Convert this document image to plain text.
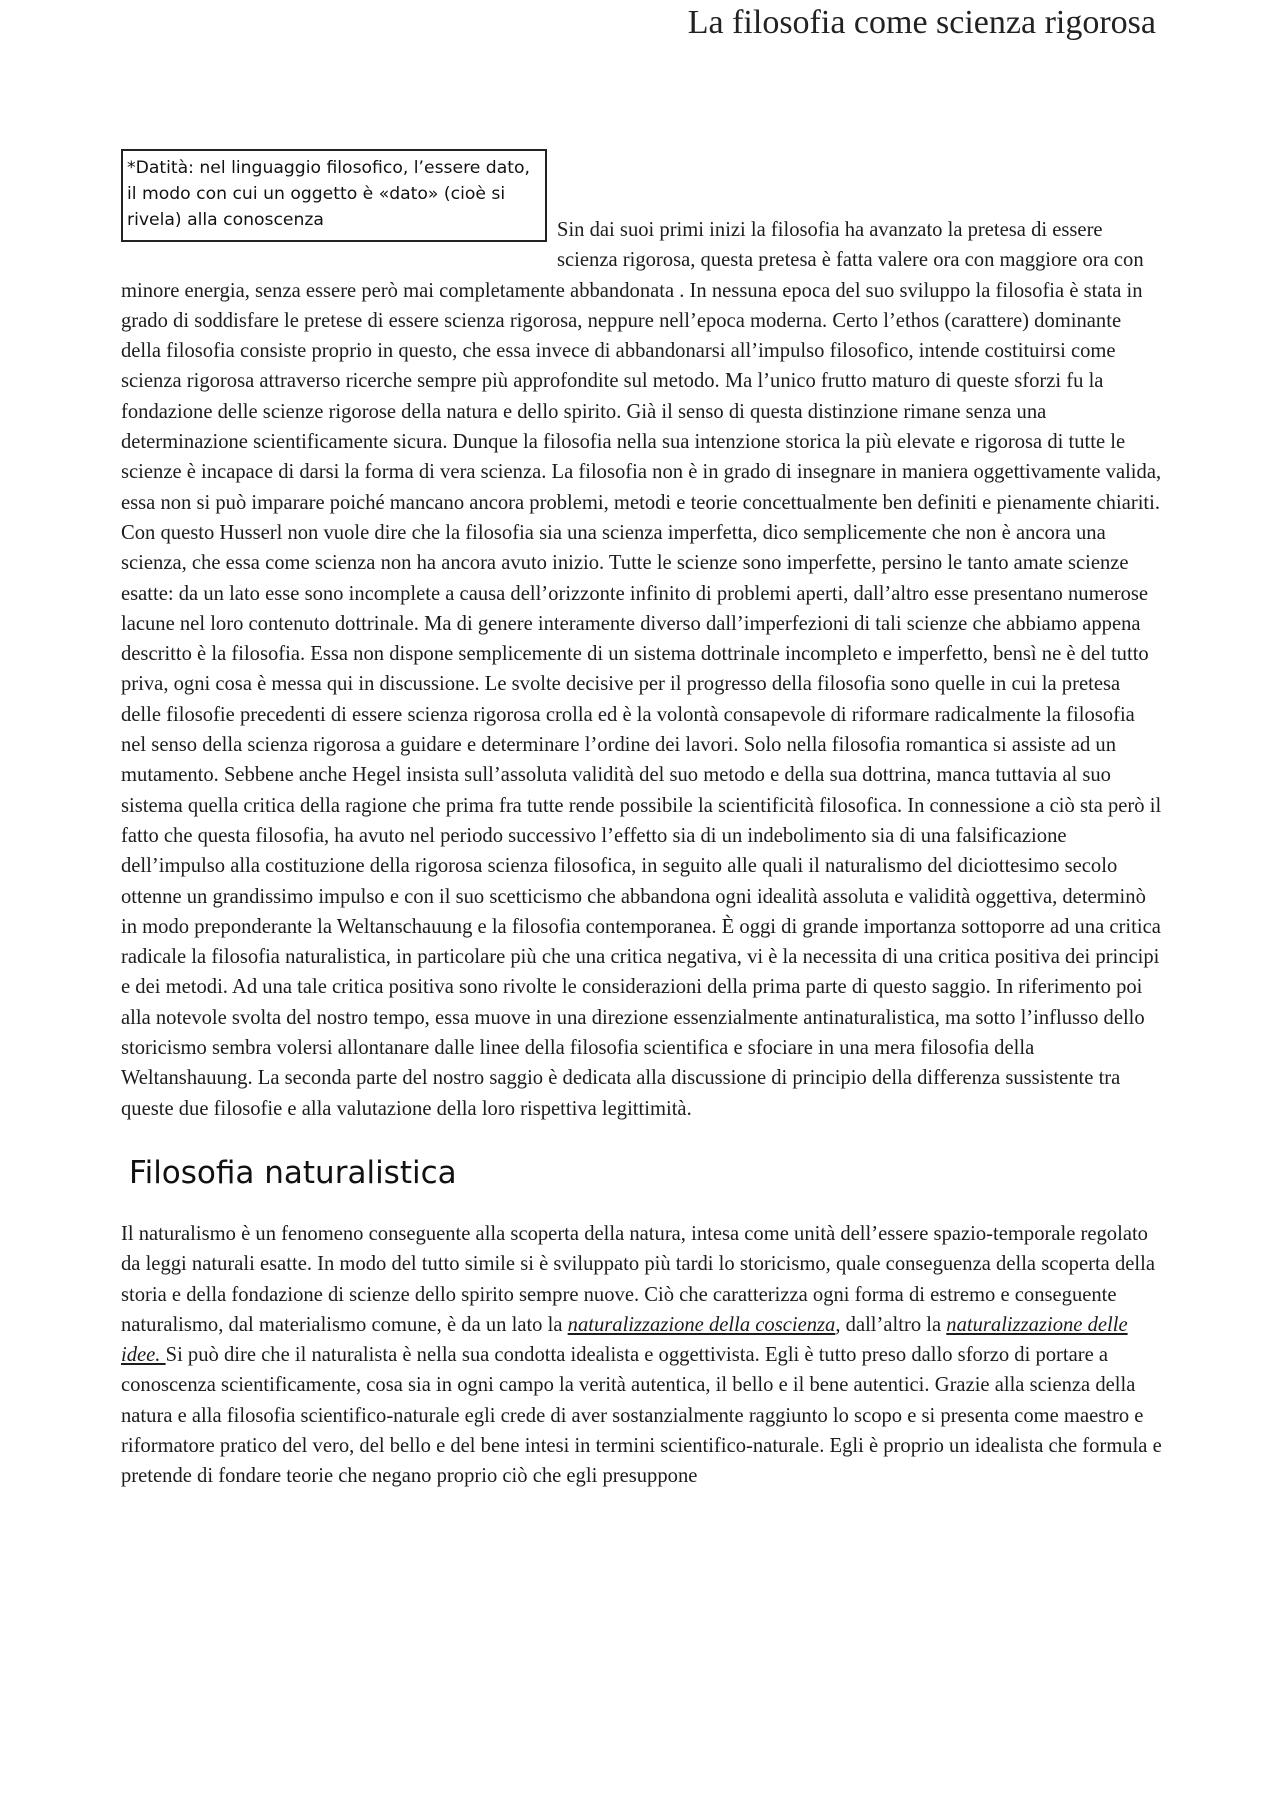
La filosofia come scienza rigorosa
*Datità: nel linguaggio filosofico, l’essere dato, il modo con cui un oggetto è «dato» (cioè si rivela) alla conoscenza	Sin dai suoi primi inizi la filosofia ha avanzato la pretesa di essere scienza rigorosa, questa pretesa è fatta valere ora con maggiore ora con minore energia, senza essere però mai completamente abbandonata . In nessuna epoca del suo sviluppo la filosofia è stata in grado di soddisfare le pretese di essere scienza rigorosa, neppure nell’epoca moderna. Certo l’ethos (carattere) dominante della filosofia consiste proprio in questo, che essa invece di abbandonarsi all’impulso filosofico, intende costituirsi come scienza rigorosa attraverso ricerche sempre più approfondite sul metodo. Ma l’unico frutto maturo di queste sforzi fu la fondazione delle scienze rigorose della natura e dello spirito. Già il senso di questa distinzione rimane senza una determinazione scientificamente sicura. Dunque la filosofia nella sua intenzione storica la più elevate e rigorosa di tutte le scienze è incapace di darsi la forma di vera scienza. La filosofia non è in grado di insegnare in maniera oggettivamente valida, essa non si può imparare poiché mancano ancora problemi, metodi e teorie concettualmente ben definiti e pienamente chiariti. Con questo Husserl non vuole dire che la filosofia sia una scienza imperfetta, dico semplicemente che non è ancora una scienza, che essa come scienza non ha ancora avuto inizio. Tutte le scienze sono imperfette, persino le tanto amate scienze esatte: da un lato esse sono incomplete a causa dell’orizzonte infinito di problemi aperti, dall’altro esse presentano numerose lacune nel loro contenuto dottrinale. Ma di genere interamente diverso dall’imperfezioni di tali scienze che abbiamo appena descritto è la filosofia. Essa non dispone semplicemente di un sistema dottrinale incompleto e imperfetto, bensì ne è del tutto priva, ogni cosa è messa qui in discussione. Le svolte decisive per il progresso della filosofia sono quelle in cui la pretesa delle filosofie precedenti di essere scienza rigorosa crolla ed è la volontà consapevole di riformare radicalmente la filosofia nel senso della scienza rigorosa a guidare e determinare l’ordine dei lavori. Solo nella filosofia romantica si assiste ad un mutamento. Sebbene anche Hegel insista sull’assoluta validità del suo metodo e della sua dottrina, manca tuttavia al suo sistema quella critica della ragione che prima fra tutte rende possibile la scientificità filosofica. In connessione a ciò sta però il fatto che questa filosofia, ha avuto nel periodo successivo l’effetto sia di un indebolimento sia di una falsificazione dell’impulso alla costituzione della rigorosa scienza filosofica, in seguito alle quali il naturalismo del diciottesimo secolo ottenne un grandissimo impulso e con il suo scetticismo che abbandona ogni idealità assoluta e validità oggettiva, determinò in modo preponderante la Weltanschauung e la filosofia contemporanea. È oggi di grande importanza sottoporre ad una critica radicale la filosofia naturalistica, in particolare più che una critica negativa, vi è la necessita di una critica positiva dei principi e dei metodi. Ad una tale critica positiva sono rivolte le considerazioni della prima parte di questo saggio. In riferimento poi alla notevole svolta del nostro tempo, essa muove in una direzione essenzialmente antinaturalistica, ma sotto l’influsso dello storicismo sembra volersi allontanare dalle linee della filosofia scientifica e sfociare in una mera filosofia della Weltanshauung. La seconda parte del nostro saggio è dedicata alla discussione di principio della differenza sussistente tra queste due filosofie e alla valutazione della loro rispettiva legittimità.

Filosofia naturalistica

Il naturalismo è un fenomeno conseguente alla scoperta della natura, intesa come unità dell’essere spazio-temporale regolato da leggi naturali esatte. In modo del tutto simile si è sviluppato più tardi lo storicismo, quale conseguenza della scoperta della storia e della fondazione di scienze dello spirito sempre nuove. Ciò che caratterizza ogni forma di estremo e conseguente naturalismo, dal materialismo comune, è da un lato la naturalizzazione della coscienza, dall’altro la naturalizzazione delle idee. Si può dire che il naturalista è nella sua condotta idealista e oggettivista. Egli è tutto preso dallo sforzo di portare a conoscenza scientificamente, cosa sia in ogni campo la verità autentica, il bello e il bene autentici. Grazie alla scienza della natura e alla filosofia scientifico-naturale egli crede di aver sostanzialmente raggiunto lo scopo e si presenta come maestro e riformatore pratico del vero, del bello e del bene intesi in termini scientifico-naturale. Egli è proprio un idealista che formula e pretende di fondare teorie che negano proprio ciò che egli presuppone
